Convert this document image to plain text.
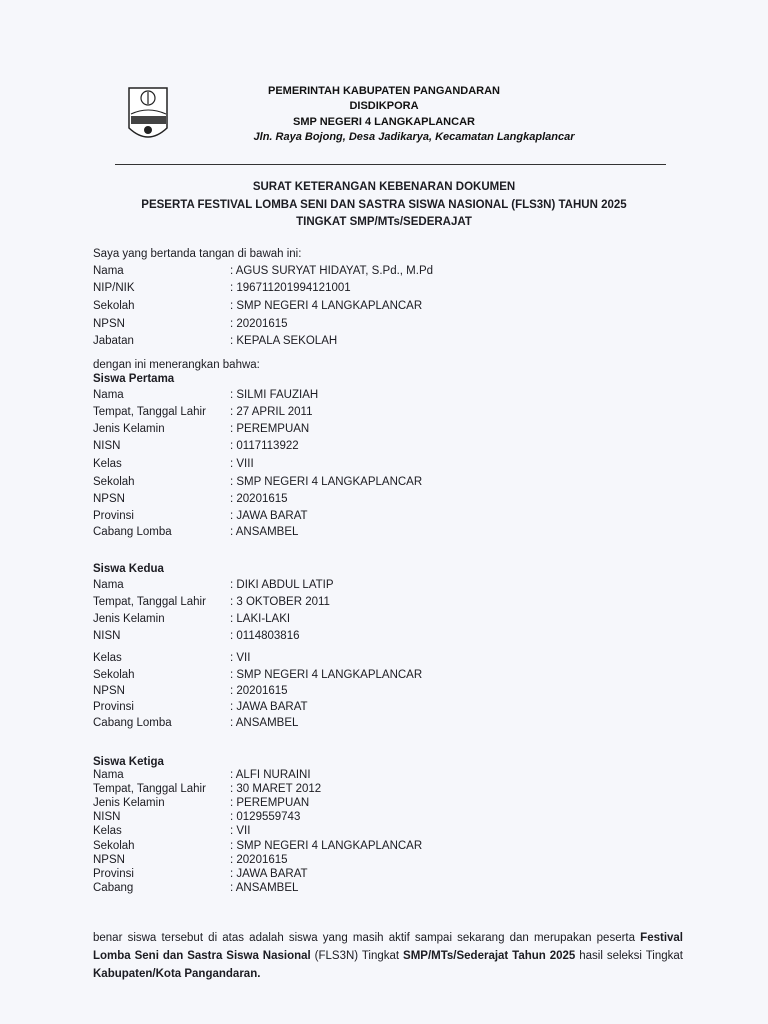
PEMERINTAH KABUPATEN PANGANDARAN
DISDIKPORA
SMP NEGERI 4 LANGKAPLANCAR
Jln. Raya Bojong, Desa Jadikarya, Kecamatan Langkaplancar
SURAT KETERANGAN KEBENARAN DOKUMEN
PESERTA FESTIVAL LOMBA SENI DAN SASTRA SISWA NASIONAL (FLS3N) TAHUN 2025
TINGKAT SMP/MTs/SEDERAJAT
Saya yang bertanda tangan di bawah ini:
Nama	: AGUS SURYAT HIDAYAT, S.Pd., M.Pd
NIP/NIK	: 196711201994121001
Sekolah	: SMP NEGERI 4 LANGKAPLANCAR
NPSN	: 20201615
Jabatan	: KEPALA SEKOLAH
dengan ini menerangkan bahwa:
Siswa Pertama
Nama	: SILMI FAUZIAH
Tempat, Tanggal Lahir : 27 APRIL 2011
Jenis Kelamin	: PEREMPUAN
NISN	: 0117113922
Kelas	: VIII
Sekolah	: SMP NEGERI 4 LANGKAPLANCAR
NPSN	: 20201615
Provinsi	: JAWA BARAT
Cabang Lomba	: ANSAMBEL
Siswa Kedua
Nama	: DIKI ABDUL LATIP
Tempat, Tanggal Lahir : 3 OKTOBER 2011
Jenis Kelamin	: LAKI-LAKI
NISN	: 0114803816
Kelas	: VII
Sekolah	: SMP NEGERI 4 LANGKAPLANCAR
NPSN	: 20201615
Provinsi	: JAWA BARAT
Cabang Lomba	: ANSAMBEL
Siswa Ketiga
Nama	: ALFI NURAINI
Tempat, Tanggal Lahir : 30 MARET 2012
Jenis Kelamin	: PEREMPUAN
NISN	: 0129559743
Kelas	: VII
Sekolah	: SMP NEGERI 4 LANGKAPLANCAR
NPSN	: 20201615
Provinsi	: JAWA BARAT
Cabang	: ANSAMBEL
benar siswa tersebut di atas adalah siswa yang masih aktif sampai sekarang dan merupakan peserta Festival Lomba Seni dan Sastra Siswa Nasional (FLS3N) Tingkat SMP/MTs/Sederajat Tahun 2025 hasil seleksi Tingkat Kabupaten/Kota Pangandaran.
